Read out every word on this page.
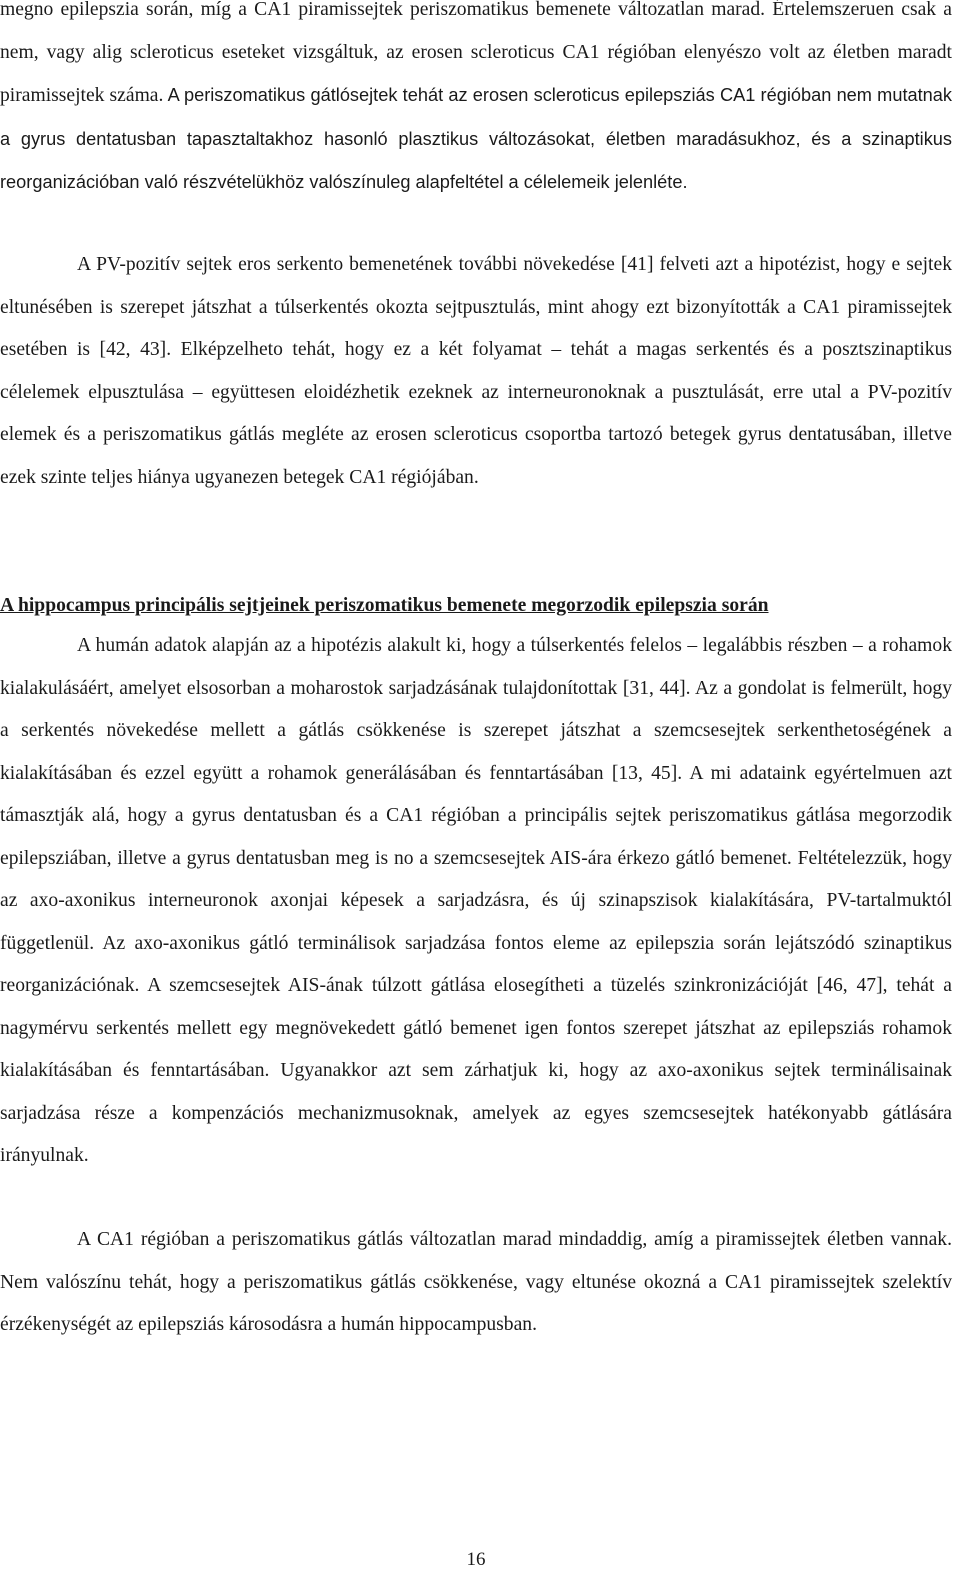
megno epilepszia során, míg a CA1 piramissejtek periszomatikus bemenete változatlan marad. Értelemszeruen csak a nem, vagy alig scleroticus eseteket vizsgáltuk, az erosen scleroticus CA1 régióban elenyészo volt az életben maradt piramissejtek száma. A periszomatikus gátlósejtek tehát az erosen scleroticus epilepsziás CA1 régióban nem mutatnak a gyrus dentatusban tapasztaltakhoz hasonló plasztikus változásokat, életben maradásukhoz, és a szinaptikus reorganizációban való részvételükhöz valószínuleg alapfeltétel a célelemeik jelenléte.

A PV-pozitív sejtek eros serkento bemenetének további növekedése [41] felveti azt a hipotézist, hogy e sejtek eltunésében is szerepet játszhat a túlserkentés okozta sejtpusztulás, mint ahogy ezt bizonyították a CA1 piramissejtek esetében is [42, 43]. Elképzelheto tehát, hogy ez a két folyamat – tehát a magas serkentés és a posztszinaptikus célelemek elpusztulása – együttesen eloidézhetik ezeknek az interneuronoknak a pusztulását, erre utal a PV-pozitív elemek és a periszomatikus gátlás megléte az erosen scleroticus csoportba tartozó betegek gyrus dentatusában, illetve ezek szinte teljes hiánya ugyanezen betegek CA1 régiójában.

A hippocampus principális sejtjeinek periszomatikus bemenete megorzodik epilepszia során

A humán adatok alapján az a hipotézis alakult ki, hogy a túlserkentés felelos – legalábbis részben – a rohamok kialakulásáért, amelyet elsosorban a moharostok sarjadzásának tulajdonítottak [31, 44]. Az a gondolat is felmerült, hogy a serkentés növekedése mellett a gátlás csökkenése is szerepet játszhat a szemcsesejtek serkenthetoségének a kialakításában és ezzel együtt a rohamok generálásában és fenntartásában [13, 45]. A mi adataink egyértelmuen azt támasztják alá, hogy a gyrus dentatusban és a CA1 régióban a principális sejtek periszomatikus gátlása megorzodik epilepsziában, illetve a gyrus dentatusban meg is no a szemcsesejtek AIS-ára érkezo gátló bemenet. Feltételezzük, hogy az axo-axonikus interneuronok axonjai képesek a sarjadzásra, és új szinapszisok kialakítására, PV-tartalmuktól függetlenül. Az axo-axonikus gátló terminálisok sarjadzása fontos eleme az epilepszia során lejátszódó szinaptikus reorganizációnak. A szemcsesejtek AIS-ának túlzott gátlása elosegítheti a tüzelés szinkronizációját [46, 47], tehát a nagymérvu serkentés mellett egy megnövekedett gátló bemenet igen fontos szerepet játszhat az epilepsziás rohamok kialakításában és fenntartásában. Ugyanakkor azt sem zárhatjuk ki, hogy az axo-axonikus sejtek terminálisainak sarjadzása része a kompenzációs mechanizmusoknak, amelyek az egyes szemcsesejtek hatékonyabb gátlására irányulnak.

A CA1 régióban a periszomatikus gátlás változatlan marad mindaddig, amíg a piramissejtek életben vannak. Nem valószínu tehát, hogy a periszomatikus gátlás csökkenése, vagy eltunése okozná a CA1 piramissejtek szelektív érzékenységét az epilepsziás károsodásra a humán hippocampusban.

16
